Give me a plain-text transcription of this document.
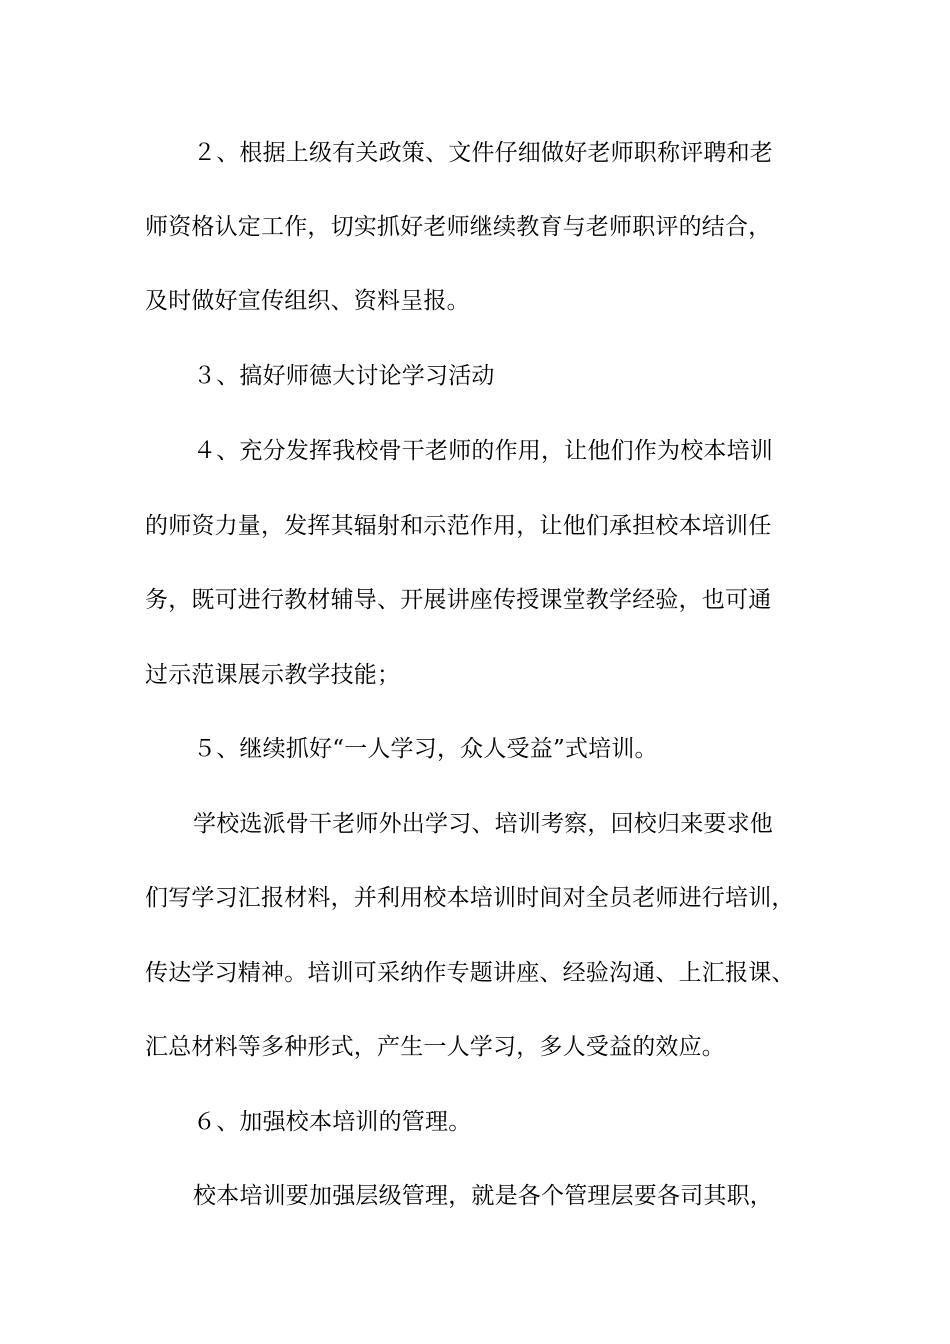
２、根据上级有关政策、文件仔细做好老师职称评聘和老
师资格认定工作，切实抓好老师继续教育与老师职评的结合，
及时做好宣传组织、资料呈报。
３、搞好师德大讨论学习活动
４、充分发挥我校骨干老师的作用，让他们作为校本培训
的师资力量，发挥其辐射和示范作用，让他们承担校本培训任
务，既可进行教材辅导、开展讲座传授课堂教学经验，也可通
过示范课展示教学技能；
５、继续抓好“一人学习，众人受益”式培训。
学校选派骨干老师外出学习、培训考察，回校归来要求他
们写学习汇报材料，并利用校本培训时间对全员老师进行培训，
传达学习精神。培训可采纳作专题讲座、经验沟通、上汇报课、
汇总材料等多种形式，产生一人学习，多人受益的效应。
６、加强校本培训的管理。
校本培训要加强层级管理，就是各个管理层要各司其职，
